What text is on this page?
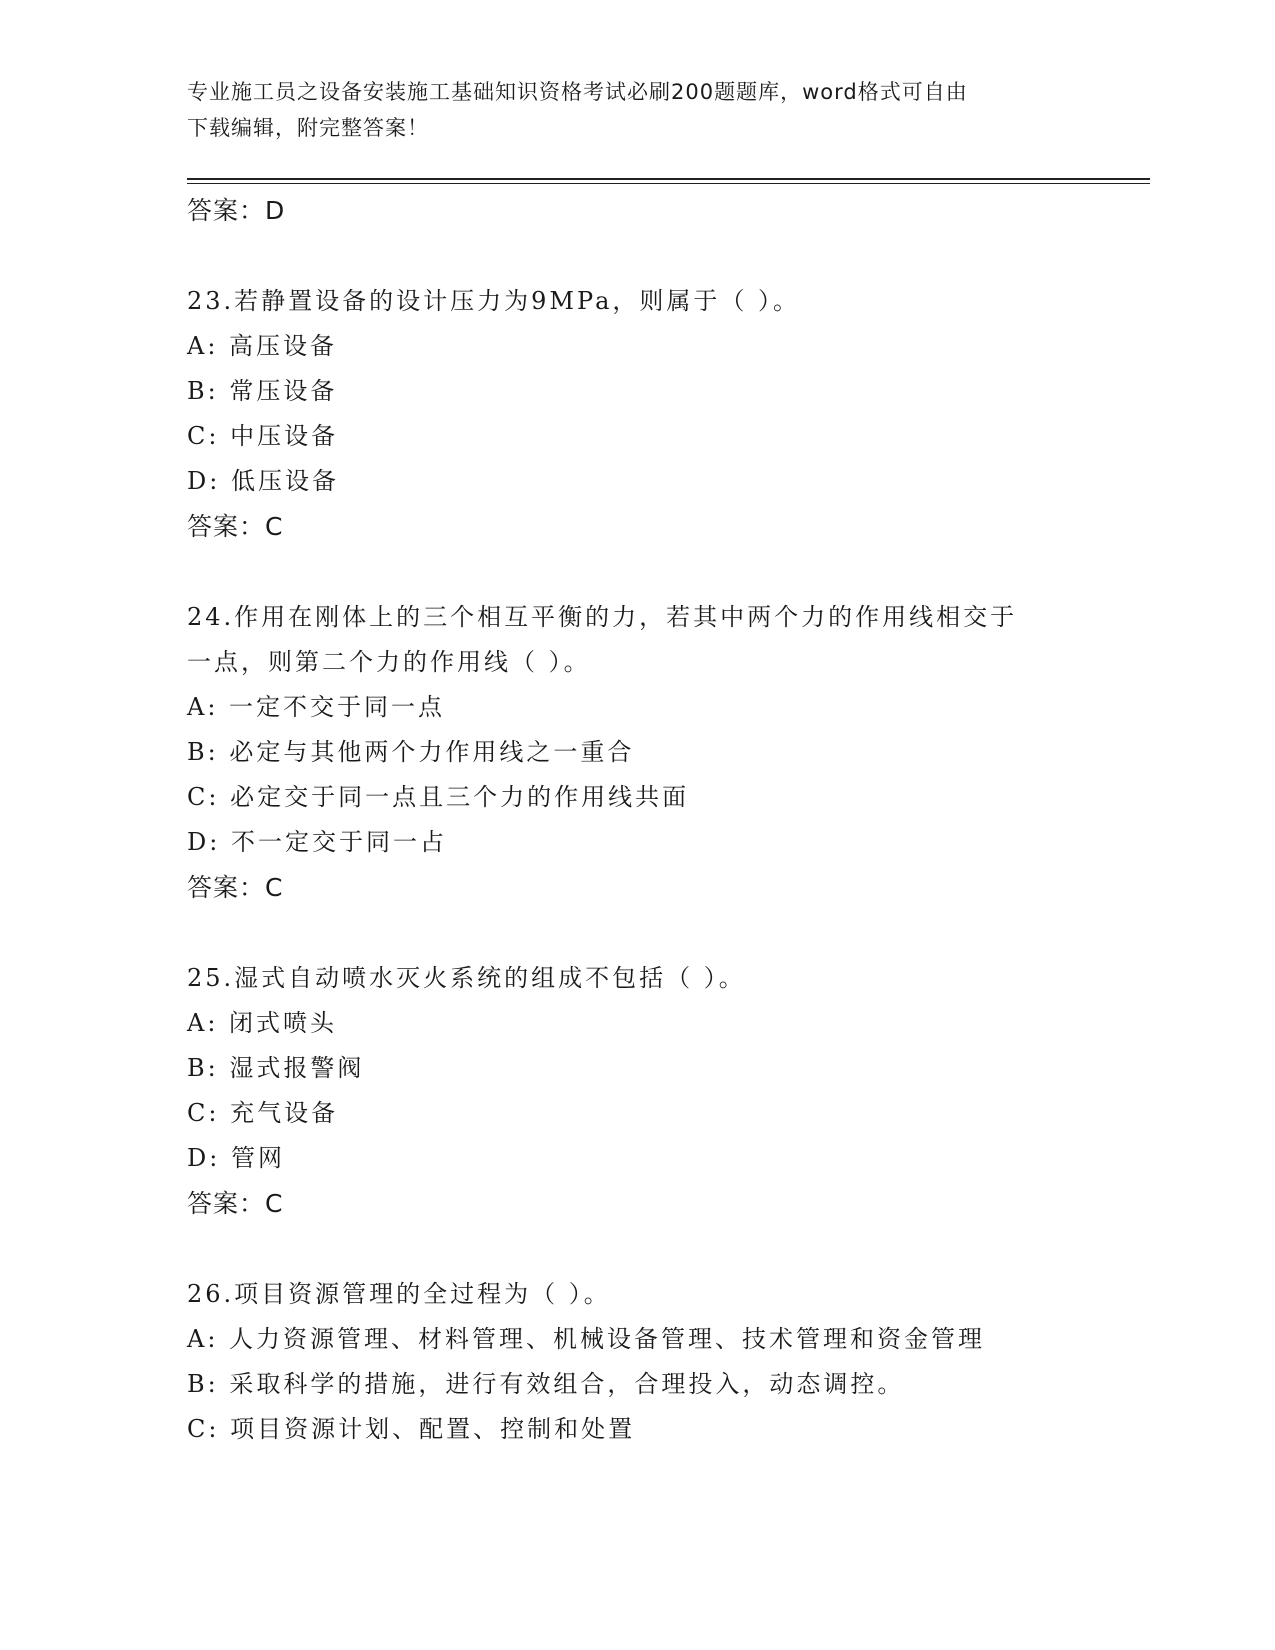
专业施工员之设备安装施工基础知识资格考试必刷200题题库，word格式可自由
下载编辑，附完整答案！
答案：D
23.若静置设备的设计压力为9MPa，则属于（ ）。
A: 高压设备
B: 常压设备
C: 中压设备
D: 低压设备
答案：C
24.作用在刚体上的三个相互平衡的力，若其中两个力的作用线相交于
一点，则第二个力的作用线（ ）。
A: 一定不交于同一点
B: 必定与其他两个力作用线之一重合
C: 必定交于同一点且三个力的作用线共面
D: 不一定交于同一占
答案：C
25.湿式自动喷水灭火系统的组成不包括（ ）。
A: 闭式喷头
B: 湿式报警阀
C: 充气设备
D: 管网
答案：C
26.项目资源管理的全过程为（ ）。
A: 人力资源管理、材料管理、机械设备管理、技术管理和资金管理
B: 采取科学的措施，进行有效组合，合理投入，动态调控。
C: 项目资源计划、配置、控制和处置
